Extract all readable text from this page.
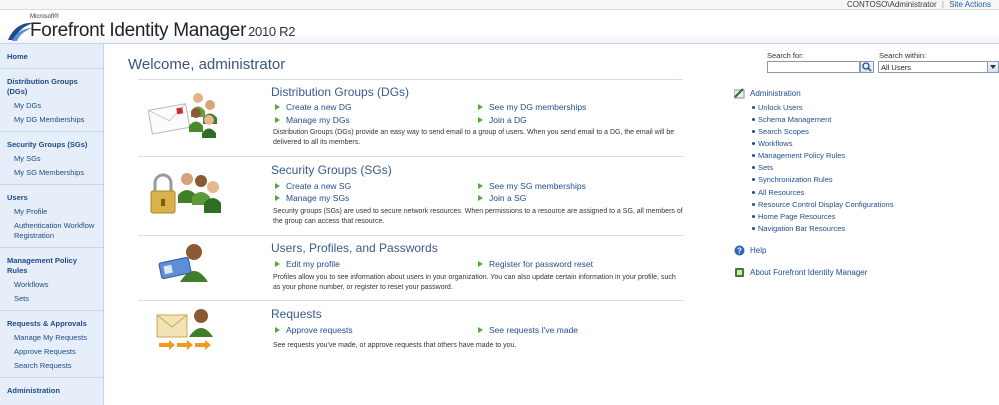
CONTOSO\Administrator | Site Actions
Microsoft®
Forefront Identity Manager 2010 R2
Home
Distribution Groups (DGs)
My DGs
My DG Memberships
Security Groups (SGs)
My SGs
My SG Memberships
Users
My Profile
Authentication Workflow Registration
Management Policy Rules
Workflows
Sets
Requests & Approvals
Manage My Requests
Approve Requests
Search Requests
Administration
Welcome, administrator
Distribution Groups (DGs)
Create a new DG	See my DG memberships
Manage my DGs	Join a DG
Distribution Groups (DGs) provide an easy way to send email to a group of users. When you send email to a DG, the email will be delivered to all its members.
Security Groups (SGs)
Create a new SG	See my SG memberships
Manage my SGs	Join a SG
Security groups (SGs) are used to secure network resources. When permissions to a resource are assigned to a SG, all members of the group can access that resource.
Users, Profiles, and Passwords
Edit my profile	Register for password reset
Profiles allow you to see information about users in your organization. You can also update certain information in your profile, such as your phone number, or register to reset your password.
Requests
Approve requests	See requests I've made
See requests you've made, or approve requests that others have made to you.
Search for:	Search within:
All Users
Administration
Unlock Users
Schema Management
Search Scopes
Workflows
Management Policy Rules
Sets
Synchronization Rules
All Resources
Resource Control Display Configurations
Home Page Resources
Navigation Bar Resources
? Help
About Forefront Identity Manager
